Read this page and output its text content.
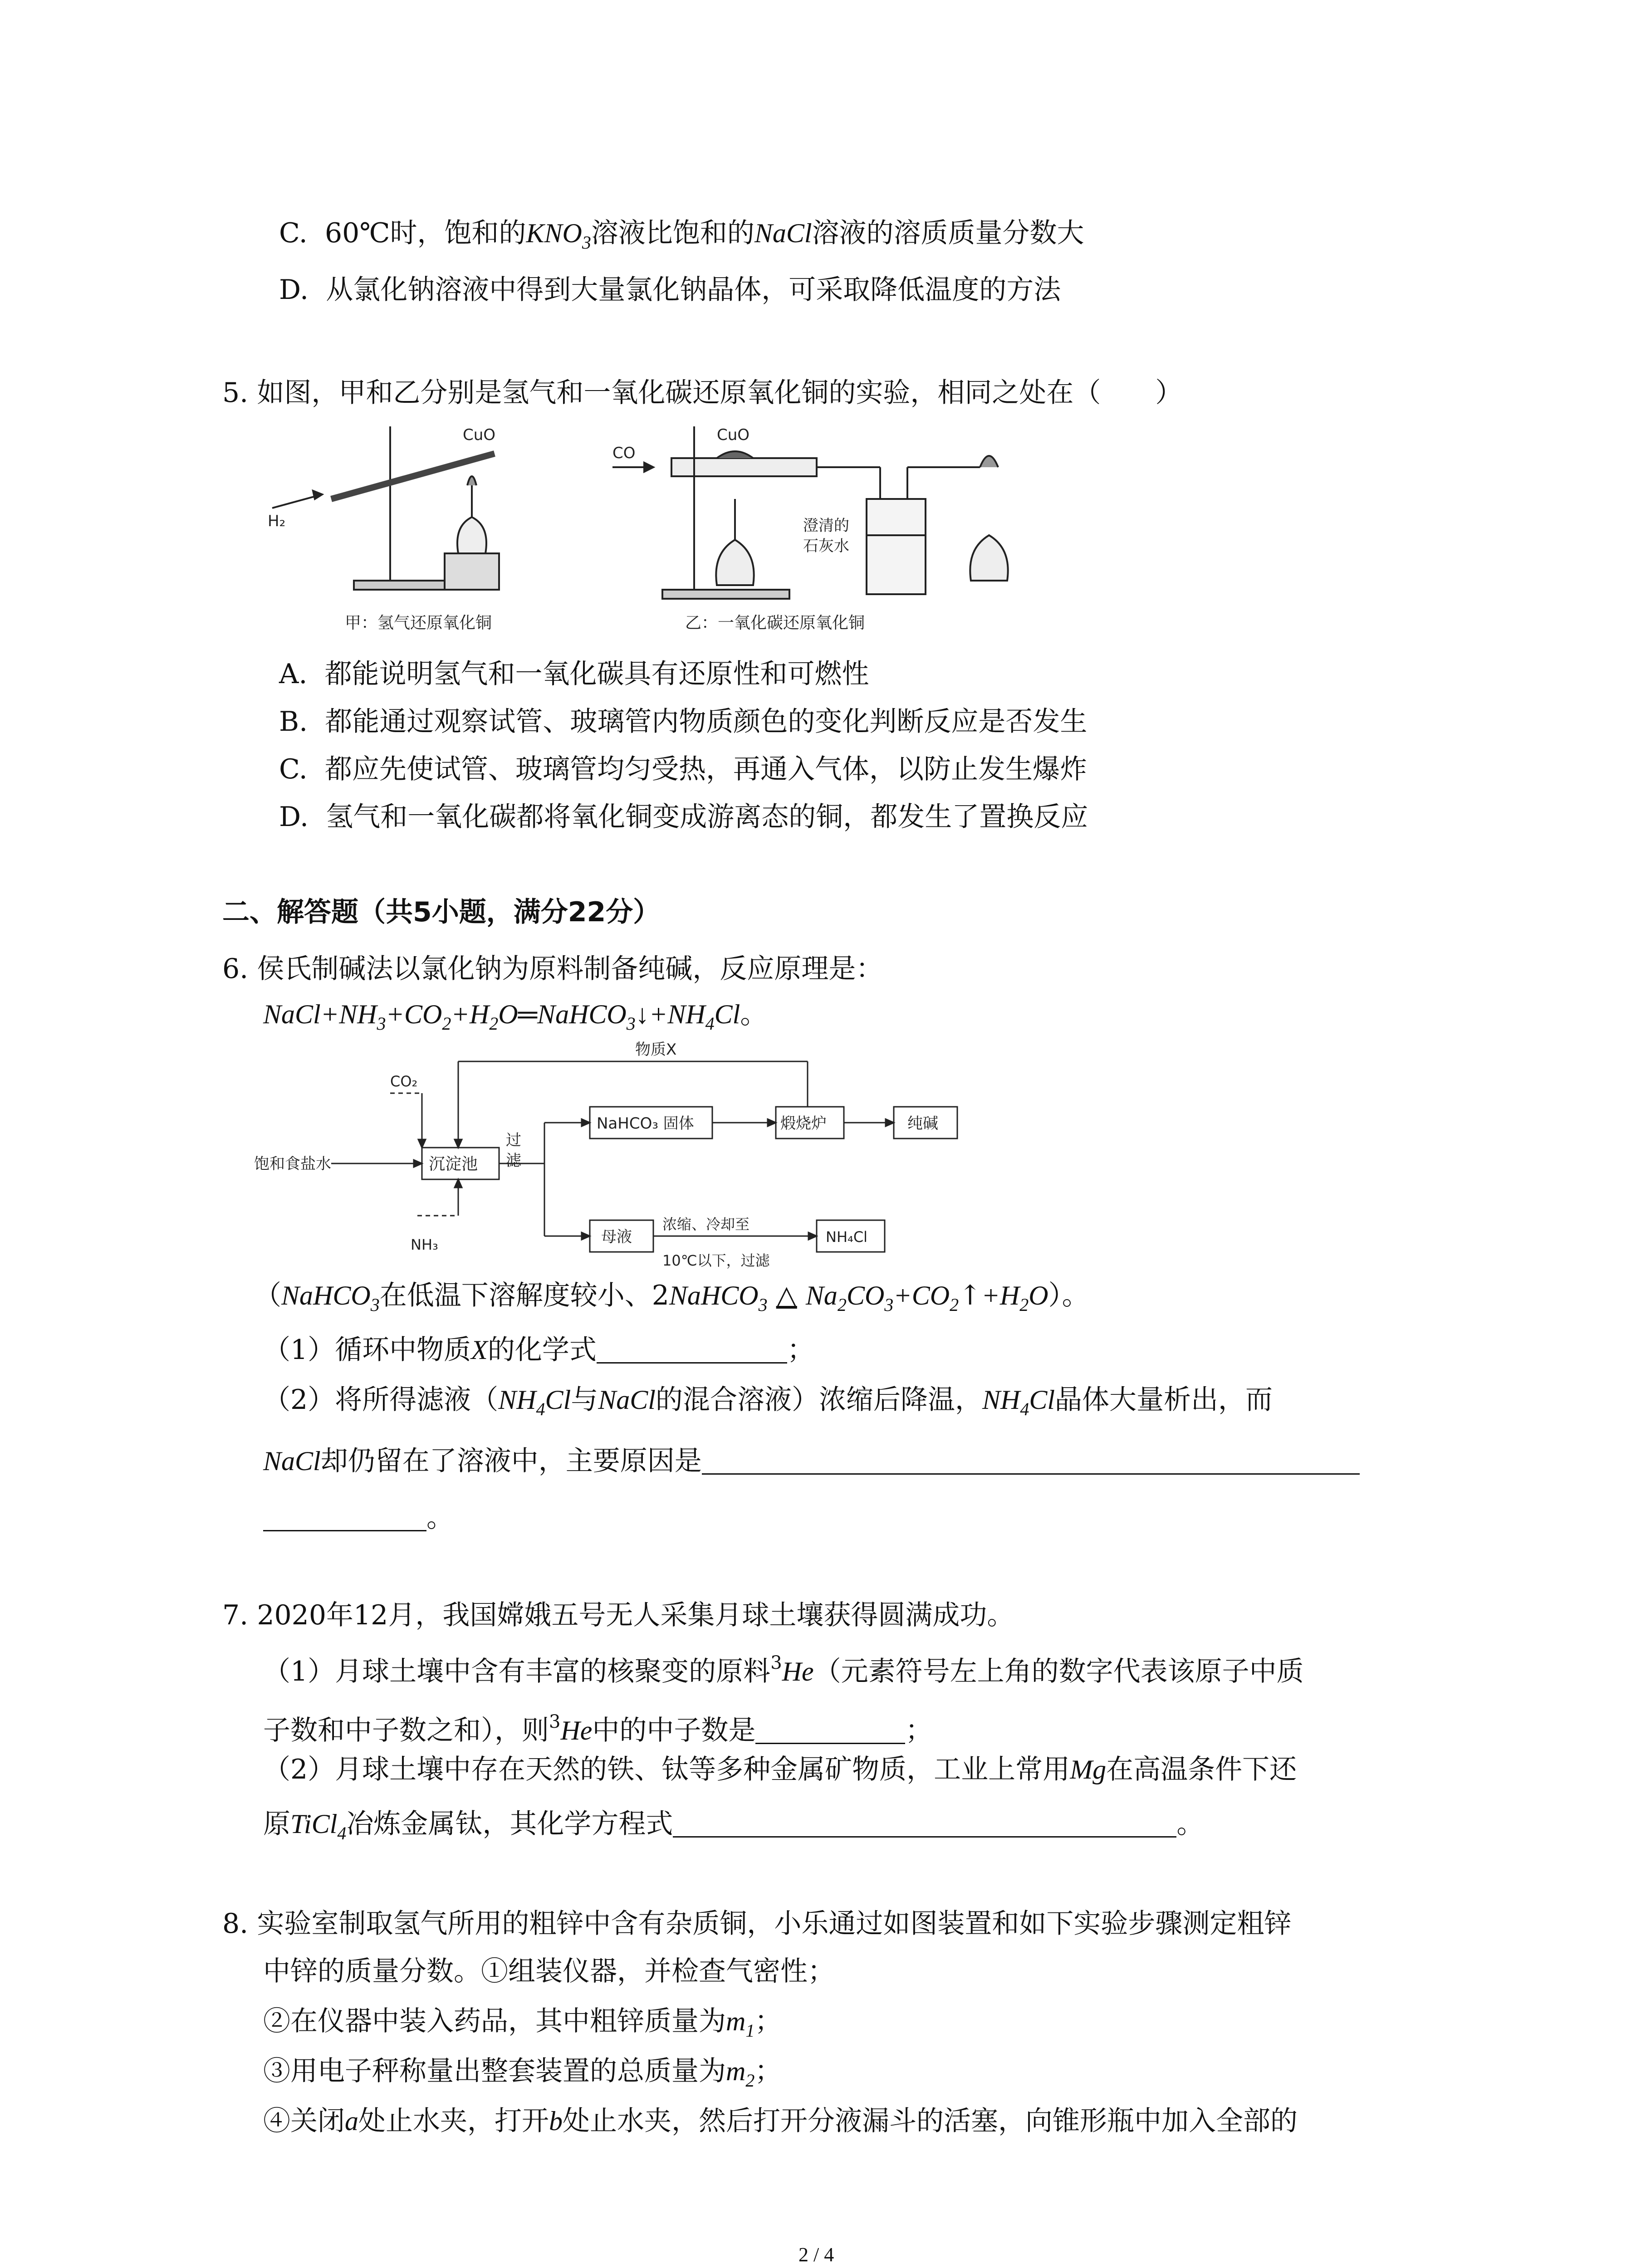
C. 60℃时，饱和的$KNO_3$溶液比饱和的NaCl溶液的溶质质量分数大
D. 从氯化钠溶液中得到大量氯化钠晶体，可采取降低温度的方法
5. 如图，甲和乙分别是氢气和一氧化碳还原氧化铜的实验，相同之处在（　　）
CuO
H₂
甲：氢气还原氧化铜
CO
CuO
澄清的
石灰水
乙：一氧化碳还原氧化铜
A. 都能说明氢气和一氧化碳具有还原性和可燃性
B. 都能通过观察试管、玻璃管内物质颜色的变化判断反应是否发生
C. 都应先使试管、玻璃管均匀受热，再通入气体，以防止发生爆炸
D. 氢气和一氧化碳都将氧化铜变成游离态的铜，都发生了置换反应
二、解答题（共5小题，满分22分）
6. 侯氏制碱法以氯化钠为原料制备纯碱，反应原理是：
$NaCl+NH_3+CO_2+H_2O═NaHCO_3↓+NH_4Cl$。
物质X
CO₂
饱和食盐水	沉淀池
过
滤
NaHCO₃ 固体	煅烧炉	纯碱
母液
浓缩、冷却至
10℃以下，过滤
NH₄Cl
NH₃
（NaHCO$_3$在低温下溶解度较小、2NaHCO$_3$ △ $Na_2CO_3+CO_2↑+H_2O$）。
（1）循环中物质X的化学式	；
（2）将所得滤液（$NH_4Cl$与NaCl的混合溶液）浓缩后降温，$NH_4Cl$晶体大量析出，而
NaCl却仍留在了溶液中，主要原因是
。
7. 2020年12月，我国嫦娥五号无人采集月球土壤获得圆满成功。
（1）月球土壤中含有丰富的核聚变的原料$^3$He（元素符号左上角的数字代表该原子中质
子数和中子数之和），则$^3$He中的中子数是	；
（2）月球土壤中存在天然的铁、钛等多种金属矿物质，工业上常用Mg在高温条件下还
原TiCl$_4$冶炼金属钛，其化学方程式	。
8. 实验室制取氢气所用的粗锌中含有杂质铜，小乐通过如图装置和如下实验步骤测定粗锌
中锌的质量分数。①组装仪器，并检查气密性；
②在仪器中装入药品，其中粗锌质量为$m_1$；
③用电子秤称量出整套装置的总质量为$m_2$；
④关闭a处止水夹，打开b处止水夹，然后打开分液漏斗的活塞，向锥形瓶中加入全部的
2 / 4
